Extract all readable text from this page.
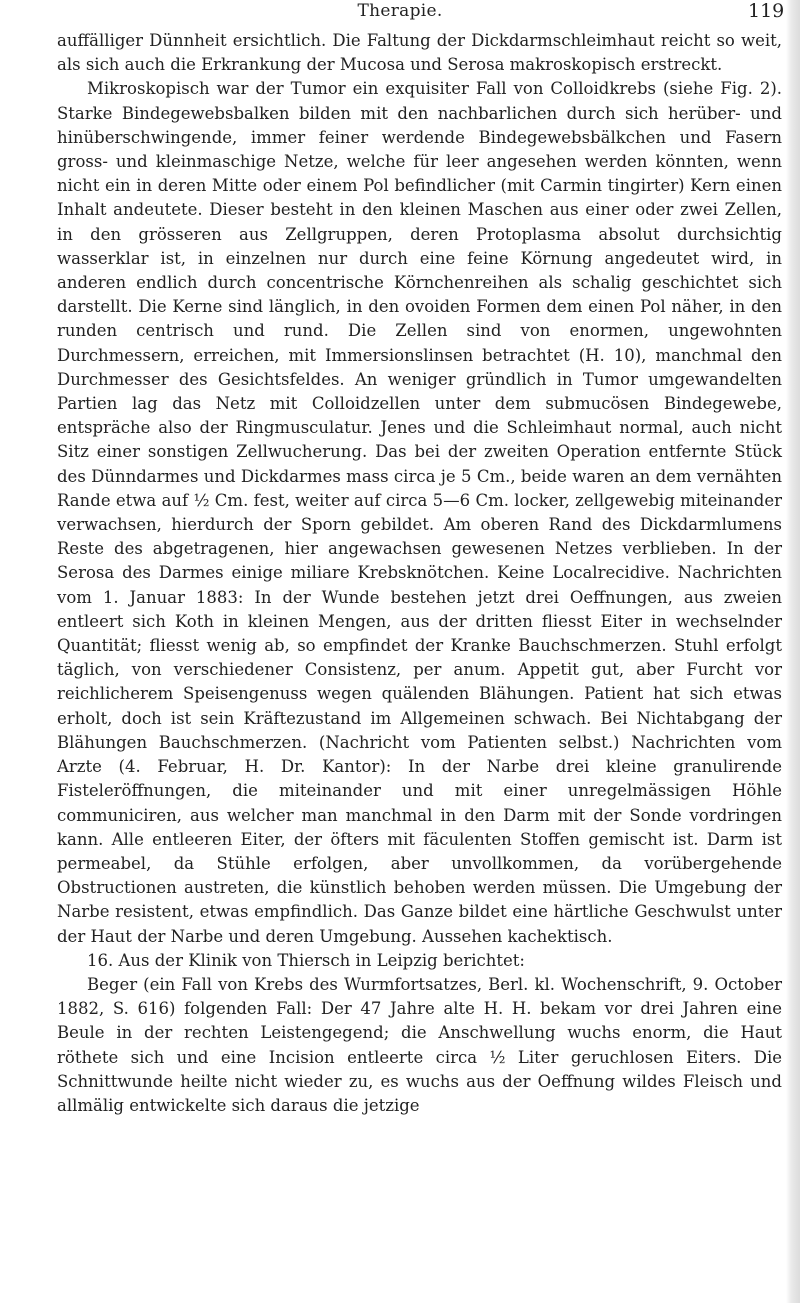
Therapie.	119

auffälliger Dünnheit ersichtlich. Die Faltung der Dickdarmschleimhaut reicht so weit, als sich auch die Erkrankung der Mucosa und Serosa makroskopisch erstreckt.

Mikroskopisch war der Tumor ein exquisiter Fall von Colloidkrebs (siehe Fig. 2). Starke Bindegewebsbalken bilden mit den nachbarlichen durch sich herüber- und hinüberschwingende, immer feiner werdende Bindegewebsbälkchen und Fasern gross- und kleinmaschige Netze, welche für leer angesehen werden könnten, wenn nicht ein in deren Mitte oder einem Pol befindlicher (mit Carmin tingirter) Kern einen Inhalt andeutete. Dieser besteht in den kleinen Maschen aus einer oder zwei Zellen, in den grösseren aus Zellgruppen, deren Protoplasma absolut durchsichtig wasserklar ist, in einzelnen nur durch eine feine Körnung angedeutet wird, in anderen endlich durch concentrische Körnchenreihen als schalig geschichtet sich darstellt. Die Kerne sind länglich, in den ovoiden Formen dem einen Pol näher, in den runden centrisch und rund. Die Zellen sind von enormen, ungewohnten Durchmessern, erreichen, mit Immersionslinsen betrachtet (H. 10), manchmal den Durchmesser des Gesichtsfeldes. An weniger gründlich in Tumor umgewandelten Partien lag das Netz mit Colloidzellen unter dem submucösen Bindegewebe, entspräche also der Ringmusculatur. Jenes und die Schleimhaut normal, auch nicht Sitz einer sonstigen Zellwucherung. Das bei der zweiten Operation entfernte Stück des Dünndarmes und Dickdarmes mass circa je 5 Cm., beide waren an dem vernähten Rande etwa auf ½ Cm. fest, weiter auf circa 5—6 Cm. locker, zellgewebig miteinander verwachsen, hierdurch der Sporn gebildet. Am oberen Rand des Dickdarmlumens Reste des abgetragenen, hier angewachsen gewesenen Netzes verblieben. In der Serosa des Darmes einige miliare Krebsknötchen. Keine Localrecidive. Nachrichten vom 1. Januar 1883: In der Wunde bestehen jetzt drei Oeffnungen, aus zweien entleert sich Koth in kleinen Mengen, aus der dritten fliesst Eiter in wechselnder Quantität; fliesst wenig ab, so empfindet der Kranke Bauchschmerzen. Stuhl erfolgt täglich, von verschiedener Consistenz, per anum. Appetit gut, aber Furcht vor reichlicherem Speisengenuss wegen quälenden Blähungen. Patient hat sich etwas erholt, doch ist sein Kräftezustand im Allgemeinen schwach. Bei Nichtabgang der Blähungen Bauchschmerzen. (Nachricht vom Patienten selbst.) Nachrichten vom Arzte (4. Februar, H. Dr. Kantor): In der Narbe drei kleine granulirende Fisteleröffnungen, die miteinander und mit einer unregelmässigen Höhle communiciren, aus welcher man manchmal in den Darm mit der Sonde vordringen kann. Alle entleeren Eiter, der öfters mit fäculenten Stoffen gemischt ist. Darm ist permeabel, da Stühle erfolgen, aber unvollkommen, da vorübergehende Obstructionen austreten, die künstlich behoben werden müssen. Die Umgebung der Narbe resistent, etwas empfindlich. Das Ganze bildet eine härtliche Geschwulst unter der Haut der Narbe und deren Umgebung. Aussehen kachektisch.

16. Aus der Klinik von Thiersch in Leipzig berichtet:

Beger (ein Fall von Krebs des Wurmfortsatzes, Berl. kl. Wochenschrift, 9. October 1882, S. 616) folgenden Fall: Der 47 Jahre alte H. H. bekam vor drei Jahren eine Beule in der rechten Leistengegend; die Anschwellung wuchs enorm, die Haut röthete sich und eine Incision entleerte circa ½ Liter geruchlosen Eiters. Die Schnittwunde heilte nicht wieder zu, es wuchs aus der Oeffnung wildes Fleisch und allmälig entwickelte sich daraus die jetzige
